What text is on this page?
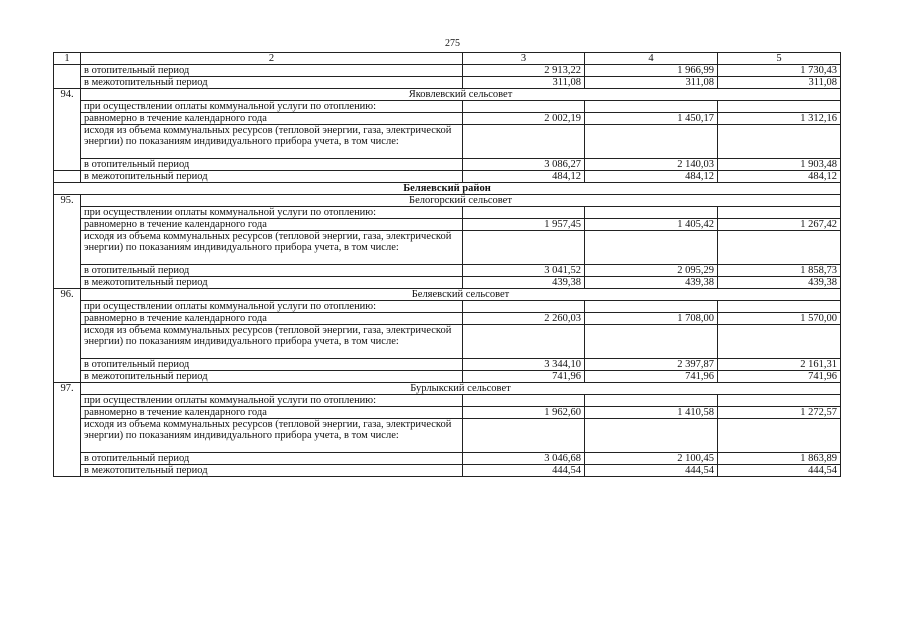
275
1	2	3	4	5
	в отопительный период	2 913,22	1 966,99	1 730,43
	в межотопительный период	311,08	311,08	311,08
94.	Яковлевский сельсовет			
	при осуществлении оплаты коммунальной услуги по отоплению:			
	равномерно в течение календарного года	2 002,19	1 450,17	1 312,16
	исходя из объема коммунальных ресурсов (тепловой энергии, газа, электрической энергии) по показаниям индивидуального прибора учета, в том числе:			

	в отопительный период	3 086,27	2 140,03	1 903,48
	в межотопительный период	484,12	484,12	484,12
Беляевский район				
95.	Белогорский сельсовет			
	при осуществлении оплаты коммунальной услуги по отоплению:			
	равномерно в течение календарного года	1 957,45	1 405,42	1 267,42
	исходя из объема коммунальных ресурсов (тепловой энергии, газа, электрической энергии) по показаниям индивидуального прибора учета, в том числе:			

	в отопительный период	3 041,52	2 095,29	1 858,73
	в межотопительный период	439,38	439,38	439,38
96.	Беляевский сельсовет			
	при осуществлении оплаты коммунальной услуги по отоплению:			
	равномерно в течение календарного года	2 260,03	1 708,00	1 570,00
	исходя из объема коммунальных ресурсов (тепловой энергии, газа, электрической энергии) по показаниям индивидуального прибора учета, в том числе:			

	в отопительный период	3 344,10	2 397,87	2 161,31
	в межотопительный период	741,96	741,96	741,96
97.	Бурлыкский сельсовет			
	при осуществлении оплаты коммунальной услуги по отоплению:			
	равномерно в течение календарного года	1 962,60	1 410,58	1 272,57
	исходя из объема коммунальных ресурсов (тепловой энергии, газа, электрической энергии) по показаниям индивидуального прибора учета, в том числе:			

	в отопительный период	3 046,68	2 100,45	1 863,89
	в межотопительный период	444,54	444,54	444,54
